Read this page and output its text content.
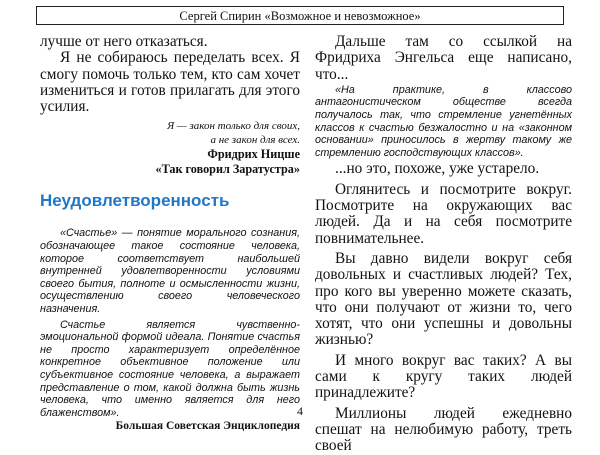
Сергей Спирин «Возможное и невозможное»

лучше от него отказаться.

Я не собираюсь переделать всех. Я смогу помочь только тем, кто сам хочет измениться и готов прилагать для этого усилия.

Я — закон только для своих,

а не закон для всех.

Фридрих Ницше

«Так говорил Заратустра»

Неудовлетворенность

«Счастье» — понятие морального сознания, обозначающее такое состояние человека, которое соответствует наибольшей внутренней удовлетворенности условиями своего бытия, полноте и осмысленности жизни, осуществлению своего человеческого назначения.

Счастье является чувственно-эмоциональной формой идеала. Понятие счастья не просто характеризует определённое конкретное объективное положение или субъективное состояние человека, а выражает представление о том, какой должна быть жизнь человека, что именно является для него блаженством».

Большая Советская Энциклопедия

Дальше там со ссылкой на Фридриха Энгельса еще написано, что...

«На практике, в классово антагонистическом обществе всегда получалось так, что стремление угнетённых классов к счастью безжалостно и на «законном основании» приносилось в жертву такому же стремлению господствующих классов».

...но это, похоже, уже устарело.

Оглянитесь и посмотрите вокруг. Посмотрите на окружающих вас людей. Да и на себя посмотрите повнимательнее.

Вы давно видели вокруг себя довольных и счастливых людей? Тех, про кого вы уверенно можете сказать, что они получают от жизни то, чего хотят, что они успешны и довольны жизнью?

И много вокруг вас таких? А вы сами к кругу таких людей принадлежите?

Миллионы людей ежедневно спешат на нелюбимую работу, треть своей

4
